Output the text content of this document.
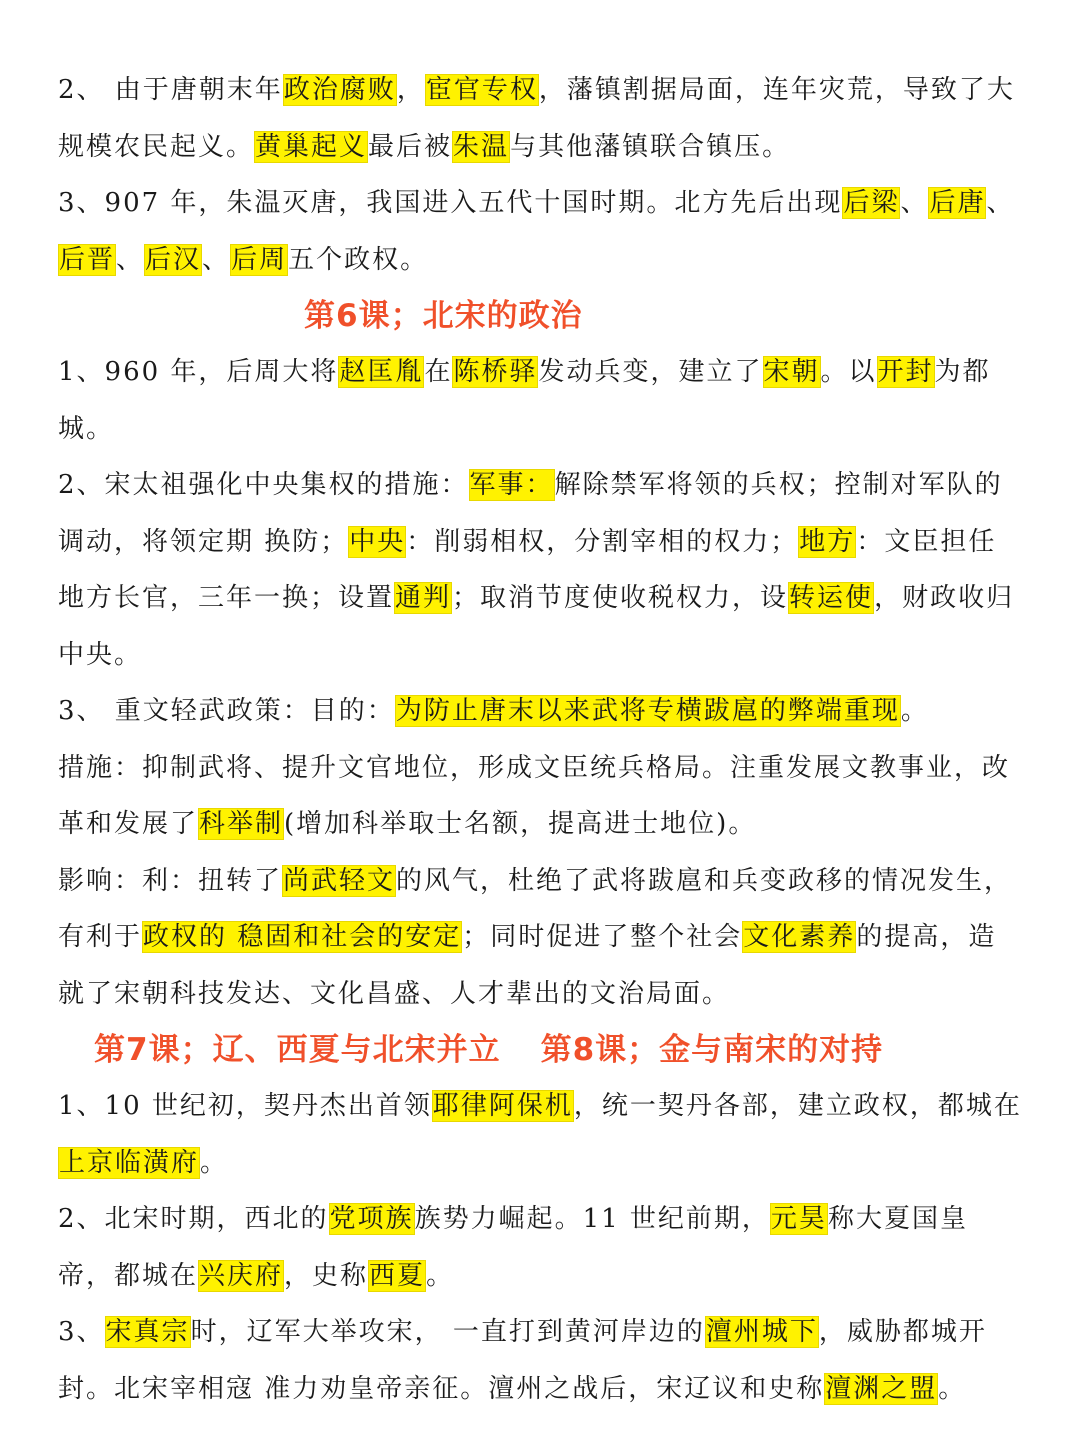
2、 由于唐朝末年政治腐败，宦官专权，藩镇割据局面，连年灾荒，导致了大规模农民起义。黄巢起义最后被朱温与其他藩镇联合镇压。

3、907 年，朱温灭唐，我国进入五代十国时期。北方先后出现后梁、后唐、后晋、后汉、后周五个政权。

第6课；北宋的政治

1、960 年，后周大将赵匡胤在陈桥驿发动兵变，建立了宋朝。以开封为都城。

2、宋太祖强化中央集权的措施：军事：解除禁军将领的兵权；控制对军队的调动，将领定期 换防；中央：削弱相权，分割宰相的权力；地方：文臣担任地方长官，三年一换；设置通判；取消节度使收税权力，设转运使，财政收归中央。

3、 重文轻武政策：目的：为防止唐末以来武将专横跋扈的弊端重现。

措施：抑制武将、提升文官地位，形成文臣统兵格局。注重发展文教事业，改革和发展了科举制(增加科举取士名额，提高进士地位)。

影响：利：扭转了尚武轻文的风气，杜绝了武将跋扈和兵变政移的情况发生，有利于政权的 稳固和社会的安定；同时促进了整个社会文化素养的提高，造就了宋朝科技发达、文化昌盛、人才辈出的文治局面。

第7课；辽、西夏与北宋并立 第8课；金与南宋的对持

1、10 世纪初，契丹杰出首领耶律阿保机，统一契丹各部，建立政权，都城在上京临潢府。

2、北宋时期，西北的党项族族势力崛起。11 世纪前期，元昊称大夏国皇帝，都城在兴庆府，史称西夏。

3、宋真宗时，辽军大举攻宋， 一直打到黄河岸边的澶州城下，威胁都城开封。北宋宰相寇 准力劝皇帝亲征。澶州之战后，宋辽议和史称澶渊之盟。
